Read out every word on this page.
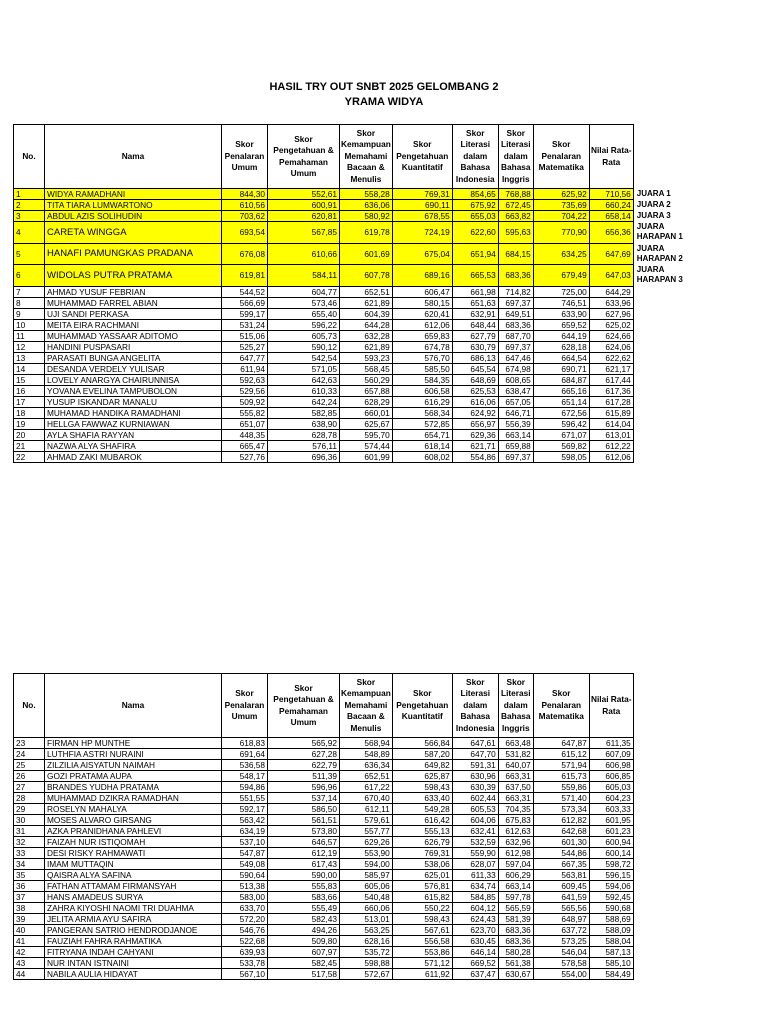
HASIL TRY OUT SNBT 2025 GELOMBANG 2
YRAMA WIDYA
No.	Nama	Skor Penalaran Umum	Skor Pengetahuan & Pemahaman Umum	Skor Kemampuan Memahami Bacaan & Menulis	Skor Pengetahuan Kuantitatif	Skor Literasi dalam Bahasa Indonesia	Skor Literasi dalam Bahasa Inggris	Skor Penalaran Matematika	Nilai Rata-Rata	
1	WIDYA RAMADHANI	844,30	552,61	558,28	769,31	854,65	768,88	625,92	710,56	JUARA 1
2	TITA TIARA LUMWARTONO	610,56	600,91	636,06	690,11	675,92	672,45	735,69	660,24	JUARA 2
3	ABDUL AZIS SOLIHUDIN	703,62	620,81	580,92	678,55	655,03	663,82	704,22	658,14	JUARA 3
4	CARETA WINGGA	693,54	567,85	619,78	724,19	622,60	595,63	770,90	656,36	JUARA HARAPAN 1
5	HANAFI PAMUNGKAS PRADANA	676,08	610,66	601,69	675,04	651,94	684,15	634,25	647,69	JUARA HARAPAN 2
6	WIDOLAS PUTRA PRATAMA	619,81	584,11	607,78	689,16	665,53	683,36	679,49	647,03	JUARA HARAPAN 3
7	AHMAD YUSUF FEBRIAN	544,52	604,77	652,51	606,47	661,98	714,82	725,00	644,29	
8	MUHAMMAD FARREL ABIAN	566,69	573,46	621,89	580,15	651,63	697,37	746,51	633,96	
9	UJI SANDI PERKASA	599,17	655,40	604,39	620,41	632,91	649,51	633,90	627,96	
10	MEITA EIRA RACHMANI	531,24	596,22	644,28	612,06	648,44	683,36	659,52	625,02	
11	MUHAMMAD YASSAAR ADITOMO	515,06	605,73	632,28	659,83	627,79	687,70	644,19	624,66	
12	HANDINI PUSPASARI	525,27	590,12	621,89	674,78	630,79	697,37	628,18	624,06	
13	PARASATI BUNGA ANGELITA	647,77	542,54	593,23	576,70	686,13	647,46	664,54	622,62	
14	DESANDA VERDELY YULISAR	611,94	571,05	568,45	585,50	645,54	674,98	690,71	621,17	
15	LOVELY ANARGYA CHAIRUNNISA	592,63	642,63	560,29	584,35	648,69	608,65	684,87	617,44	
16	YOVANA EVELINA TAMPUBOLON	529,56	610,33	657,88	606,58	625,53	638,47	665,16	617,36	
17	YUSUP ISKANDAR MANALU	509,92	642,24	628,29	616,29	616,06	657,05	651,14	617,28	
18	MUHAMAD HANDIKA RAMADHANI	555,82	582,85	660,01	568,34	624,92	646,71	672,56	615,89	
19	HELLGA FAWWAZ KURNIAWAN	651,07	638,90	625,67	572,85	656,97	556,39	596,42	614,04	
20	AYLA SHAFIA RAYYAN	448,35	628,78	595,70	654,71	629,36	663,14	671,07	613,01	
21	NAZWA ALYA SHAFIRA	665,47	576,11	574,44	618,14	621,71	659,88	569,82	612,22	
22	AHMAD ZAKI MUBAROK	527,76	696,36	601,99	608,02	554,86	697,37	598,05	612,06	
No.	Nama	Skor Penalaran Umum	Skor Pengetahuan & Pemahaman Umum	Skor Kemampuan Memahami Bacaan & Menulis	Skor Pengetahuan Kuantitatif	Skor Literasi dalam Bahasa Indonesia	Skor Literasi dalam Bahasa Inggris	Skor Penalaran Matematika	Nilai Rata-Rata
23	FIRMAN HP MUNTHE	618,83	565,92	568,94	566,84	647,61	663,48	647,87	611,35
24	LUTHFIA ASTRI NURAINI	691,64	627,28	548,89	587,20	647,70	531,82	615,12	607,09
25	ZILZILIA AISYATUN NAIMAH	536,58	622,79	636,34	649,82	591,31	640,07	571,94	606,98
26	GOZI PRATAMA AUPA	548,17	511,39	652,51	625,87	630,96	663,31	615,73	606,85
27	BRANDES YUDHA PRATAMA	594,86	596,96	617,22	598,43	630,39	637,50	559,86	605,03
28	MUHAMMAD DZIKRA RAMADHAN	551,55	537,14	670,40	633,40	602,44	663,31	571,40	604,23
29	ROSELYN MAHALYA	592,17	586,50	612,11	549,28	605,53	704,35	573,34	603,33
30	MOSES ALVARO GIRSANG	563,42	561,51	579,61	616,42	604,06	675,83	612,82	601,95
31	AZKA PRANIDHANA PAHLEVI	634,19	573,80	557,77	555,13	632,41	612,63	642,68	601,23
32	FAIZAH NUR ISTIQOMAH	537,10	646,57	629,26	626,79	532,59	632,96	601,30	600,94
33	DESI RISKY RAHMAWATI	547,87	612,19	553,90	769,31	559,90	612,98	544,86	600,14
34	IMAM MUTTAQIN	549,08	617,43	594,00	538,06	628,07	597,04	667,35	598,72
35	QAISRA ALYA SAFINA	590,64	590,00	585,97	625,01	611,33	606,29	563,81	596,15
36	FATHAN ATTAMAM FIRMANSYAH	513,38	555,83	605,06	576,81	634,74	663,14	609,45	594,06
37	HANS AMADEUS SURYA	583,00	583,66	540,48	615,82	584,85	597,78	641,59	592,45
38	ZAHRA KIYOSHI NAOMI TRI DUAHMA	633,70	555,49	660,06	550,22	604,12	565,59	565,56	590,68
39	JELITA ARMIA AYU SAFIRA	572,20	582,43	513,01	598,43	624,43	581,39	648,97	588,69
40	PANGERAN SATRIO HENDRODJANOE	546,76	494,26	563,25	567,61	623,70	683,36	637,72	588,09
41	FAUZIAH FAHRA RAHMATIKA	522,68	509,80	628,16	556,58	630,45	683,36	573,25	588,04
42	FITRYANA INDAH CAHYANI	639,93	607,97	535,72	553,86	646,14	580,28	546,04	587,13
43	NUR INTAN ISTNAINI	533,78	582,45	598,88	571,12	669,52	561,38	578,58	585,10
44	NABILA AULIA HIDAYAT	567,10	517,58	572,67	611,92	637,47	630,67	554,00	584,49
